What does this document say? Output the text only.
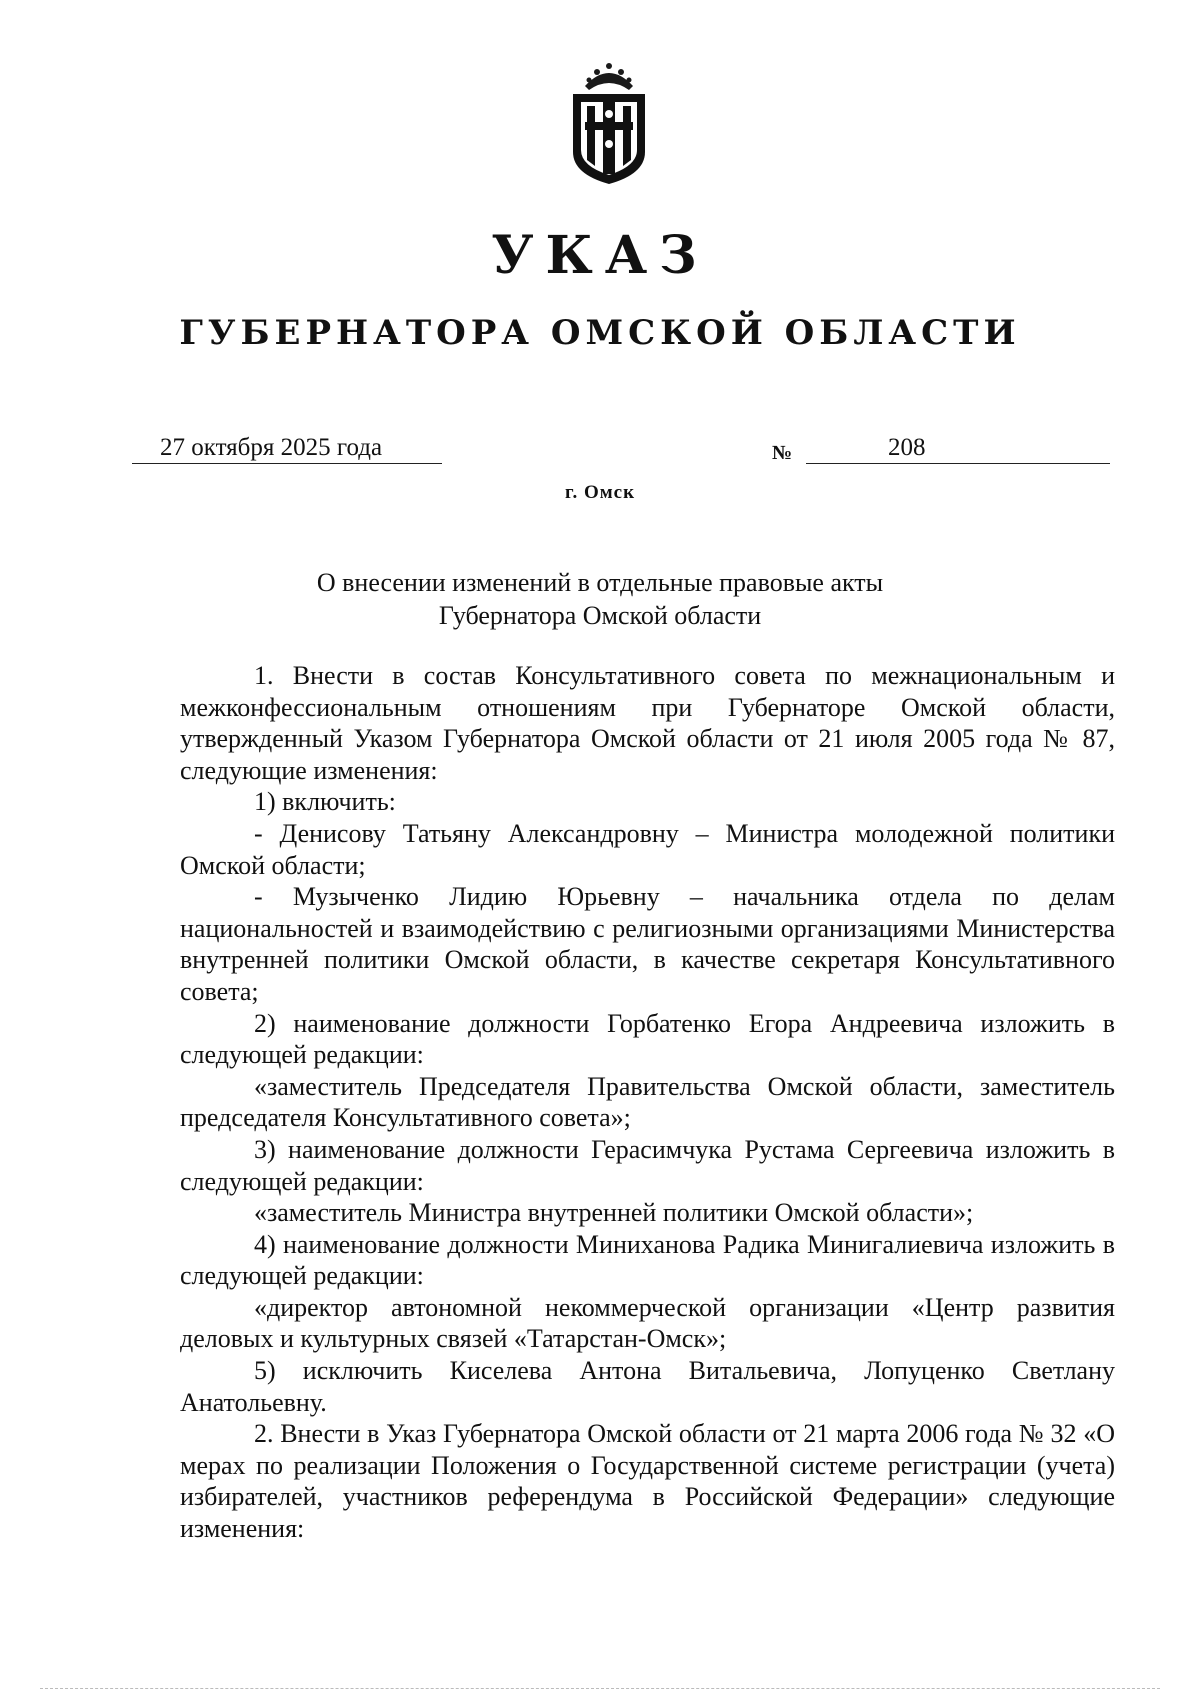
УКАЗ
ГУБЕРНАТОРА ОМСКОЙ ОБЛАСТИ
27 октября 2025 года	№	208
г. Омск
О внесении изменений в отдельные правовые акты
Губернатора Омской области

1. Внести в состав Консультативного совета по межнациональным и межконфессиональным отношениям при Губернаторе Омской области, утвержденный Указом Губернатора Омской области от 21 июля 2005 года № 87, следующие изменения:

1) включить:

- Денисову Татьяну Александровну – Министра молодежной политики Омской области;

- Музыченко Лидию Юрьевну – начальника отдела по делам национальностей и взаимодействию с религиозными организациями Министерства внутренней политики Омской области, в качестве секретаря Консультативного совета;

2) наименование должности Горбатенко Егора Андреевича изложить в следующей редакции:

«заместитель Председателя Правительства Омской области, заместитель председателя Консультативного совета»;

3) наименование должности Герасимчука Рустама Сергеевича изложить в следующей редакции:

«заместитель Министра внутренней политики Омской области»;

4) наименование должности Миниханова Радика Минигалиевича изложить в следующей редакции:

«директор автономной некоммерческой организации «Центр развития деловых и культурных связей «Татарстан-Омск»;

5) исключить Киселева Антона Витальевича, Лопуценко Светлану Анатольевну.

2. Внести в Указ Губернатора Омской области от 21 марта 2006 года № 32 «О мерах по реализации Положения о Государственной системе регистрации (учета) избирателей, участников референдума в Российской Федерации» следующие изменения:
